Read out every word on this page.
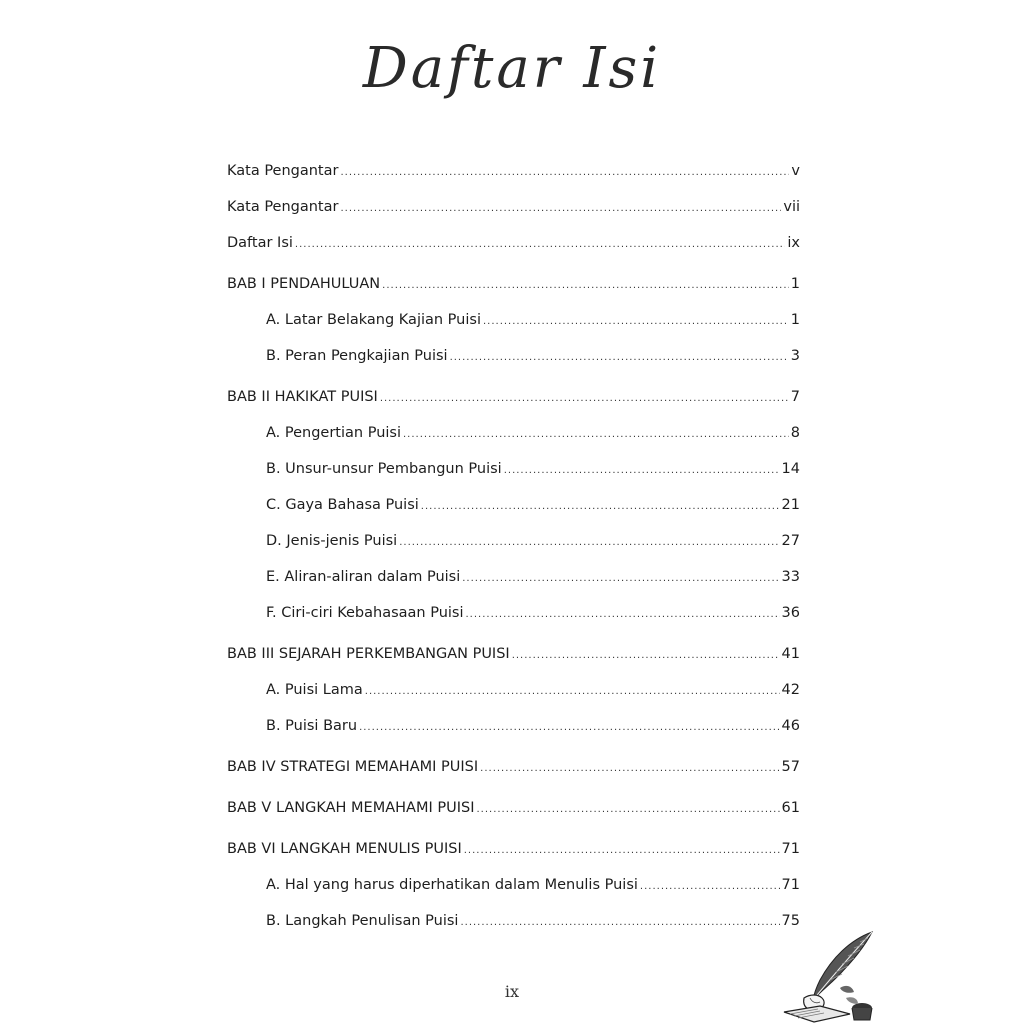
Daftar Isi
Kata Pengantar .....	v
Kata Pengantar .....	vii
Daftar Isi .....	ix
BAB I PENDAHULUAN .....	1
A. Latar Belakang Kajian Puisi .....	1
B. Peran Pengkajian Puisi .....	3
BAB II HAKIKAT PUISI .....	7
A. Pengertian Puisi .....	8
B. Unsur-unsur Pembangun Puisi .....	14
C. Gaya Bahasa Puisi .....	21
D. Jenis-jenis Puisi .....	27
E. Aliran-aliran dalam Puisi .....	33
F. Ciri-ciri Kebahasaan Puisi .....	36
BAB III SEJARAH PERKEMBANGAN PUISI .....	41
A. Puisi Lama .....	42
B. Puisi Baru .....	46
BAB IV STRATEGI MEMAHAMI PUISI .....	57
BAB V LANGKAH MEMAHAMI PUISI .....	61
BAB VI LANGKAH MENULIS PUISI .....	71
A. Hal yang harus diperhatikan dalam Menulis Puisi .....	71
B. Langkah Penulisan Puisi .....	75
ix
